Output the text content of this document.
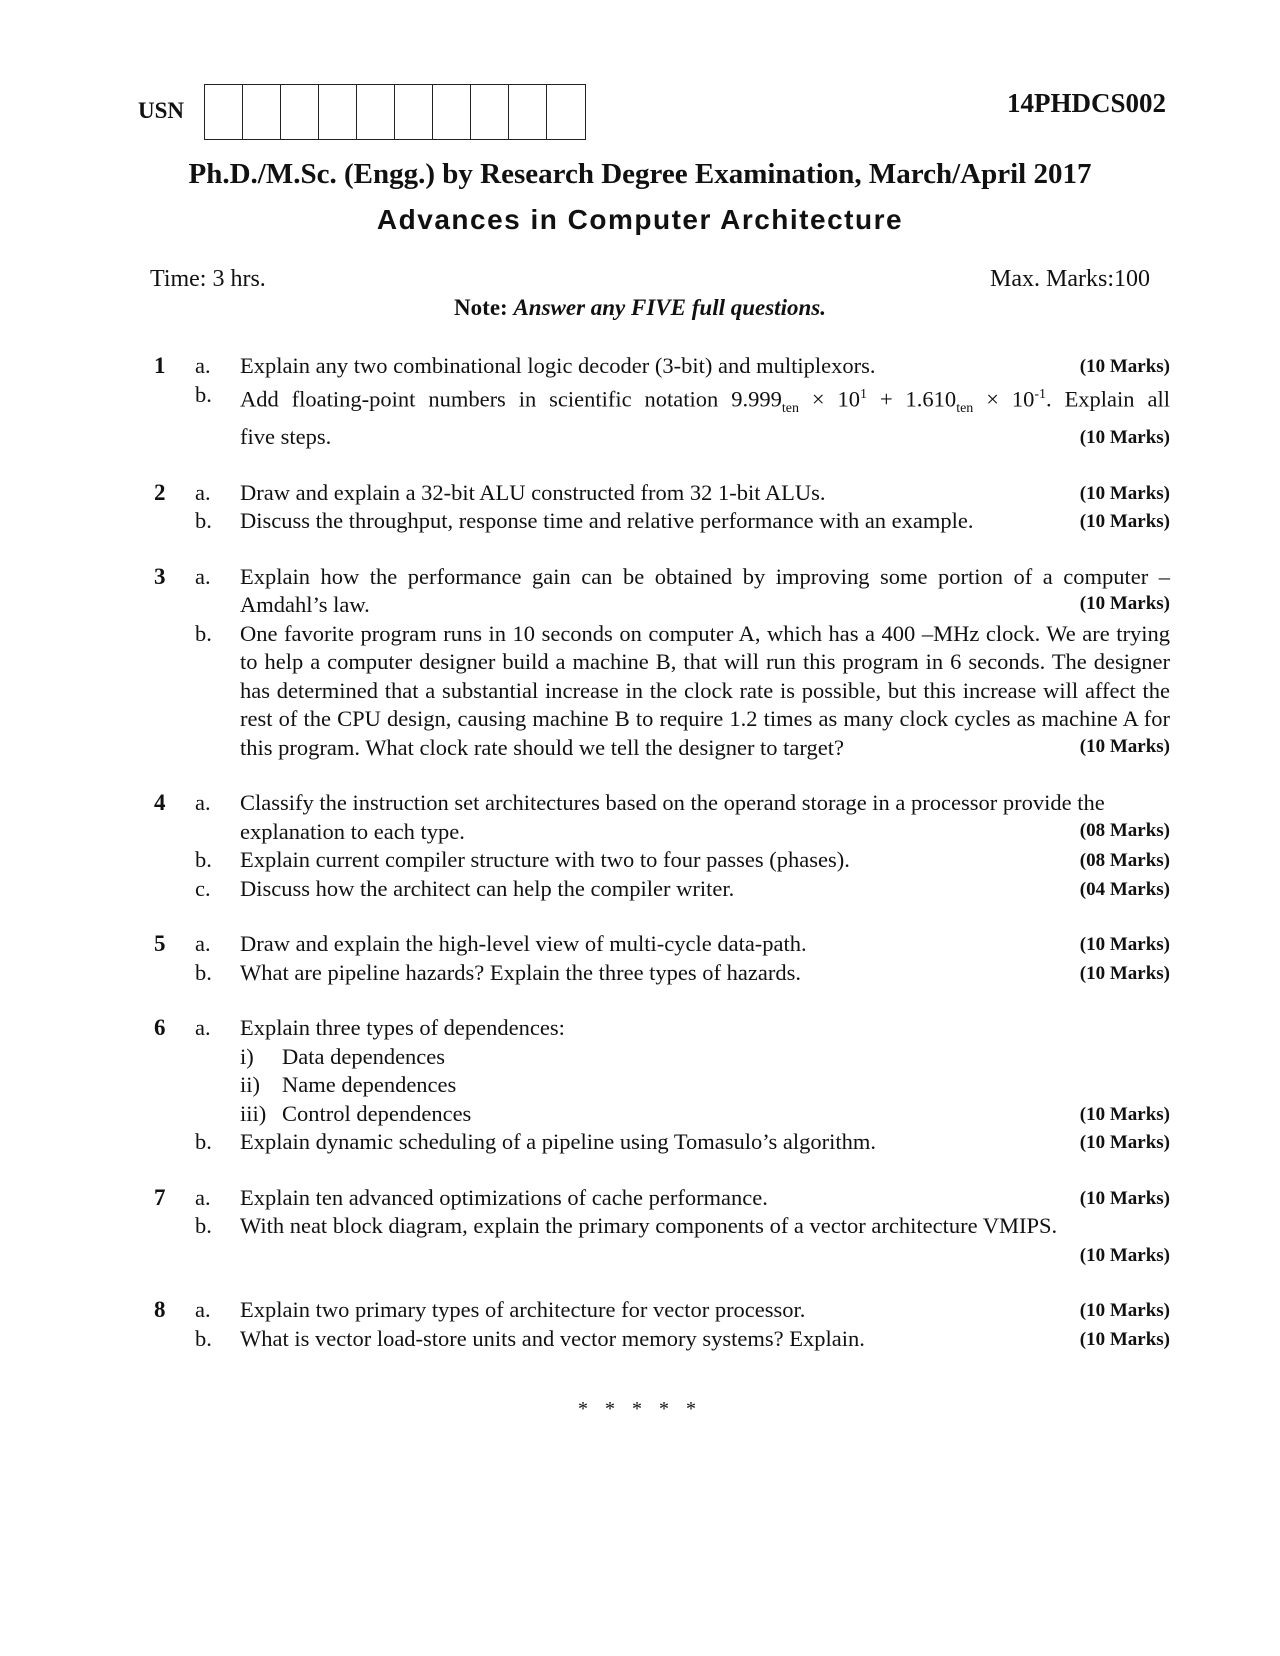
USN	14PHDCS002
Ph.D./M.Sc. (Engg.) by Research Degree Examination, March/April 2017
Advances in Computer Architecture
Time: 3 hrs.	Max. Marks:100
Note: Answer any FIVE full questions.
1 a. Explain any two combinational logic decoder (3-bit) and multiplexors.	(10 Marks)
b. Add floating-point numbers in scientific notation $9.999_{ten} \times 10^1 + 1.610_{ten} \times 10^{-1}$. Explain all
five steps.	(10 Marks)
2 a. Draw and explain a 32-bit ALU constructed from 32 1-bit ALUs.	(10 Marks)
b. Discuss the throughput, response time and relative performance with an example.	(10 Marks)
3 a. Explain how the performance gain can be obtained by improving some portion of a computer – Amdahl’s law.	(10 Marks)
b. One favorite program runs in 10 seconds on computer A, which has a 400 –MHz clock. We are trying to help a computer designer build a machine B, that will run this program in 6 seconds. The designer has determined that a substantial increase in the clock rate is possible, but this increase will affect the rest of the CPU design, causing machine B to require 1.2 times as many clock cycles as machine A for this program. What clock rate should we tell the designer to target?	(10 Marks)
4 a. Classify the instruction set architectures based on the operand storage in a processor provide the explanation to each type.	(08 Marks)
b. Explain current compiler structure with two to four passes (phases).	(08 Marks)
c. Discuss how the architect can help the compiler writer.	(04 Marks)
5 a. Draw and explain the high-level view of multi-cycle data-path.	(10 Marks)
b. What are pipeline hazards? Explain the three types of hazards.	(10 Marks)
6 a. Explain three types of dependences:
i)	Data dependences
ii) Name dependences
iii) Control dependences	(10 Marks)
b. Explain dynamic scheduling of a pipeline using Tomasulo’s algorithm.	(10 Marks)
7 a. Explain ten advanced optimizations of cache performance.	(10 Marks)
b. With neat block diagram, explain the primary components of a vector architecture VMIPS.
(10 Marks)
8 a. Explain two primary types of architecture for vector processor.	(10 Marks)
b. What is vector load-store units and vector memory systems? Explain.	(10 Marks)
* * * * *
